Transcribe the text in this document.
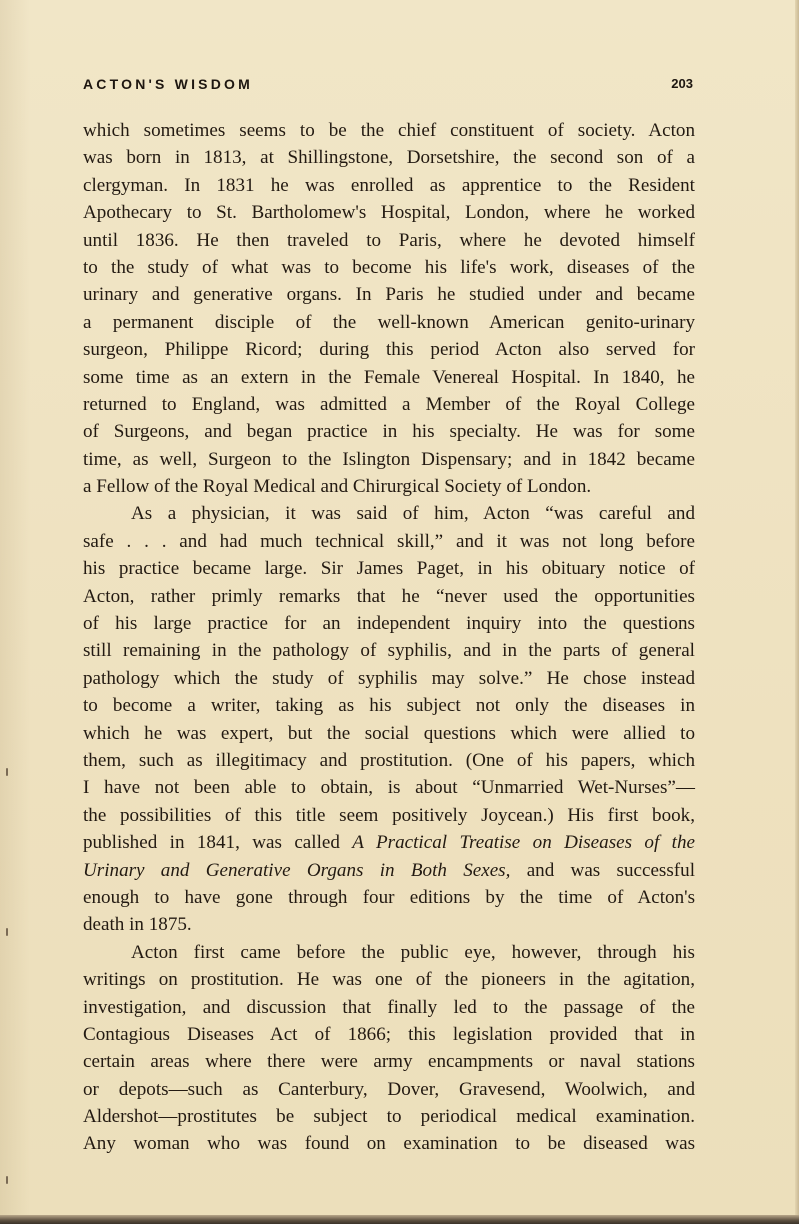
ACTON'S WISDOM	203
which sometimes seems to be the chief constituent of society. Acton
was born in 1813, at Shillingstone, Dorsetshire, the second son of a
clergyman. In 1831 he was enrolled as apprentice to the Resident
Apothecary to St. Bartholomew's Hospital, London, where he worked
until 1836. He then traveled to Paris, where he devoted himself
to the study of what was to become his life's work, diseases of the
urinary and generative organs. In Paris he studied under and became
a permanent disciple of the well-known American genito-urinary
surgeon, Philippe Ricord; during this period Acton also served for
some time as an extern in the Female Venereal Hospital. In 1840, he
returned to England, was admitted a Member of the Royal College
of Surgeons, and began practice in his specialty. He was for some
time, as well, Surgeon to the Islington Dispensary; and in 1842 became
a Fellow of the Royal Medical and Chirurgical Society of London.
As a physician, it was said of him, Acton “was careful and
safe . . . and had much technical skill,” and it was not long before
his practice became large. Sir James Paget, in his obituary notice of
Acton, rather primly remarks that he “never used the opportunities
of his large practice for an independent inquiry into the questions
still remaining in the pathology of syphilis, and in the parts of general
pathology which the study of syphilis may solve.” He chose instead
to become a writer, taking as his subject not only the diseases in
which he was expert, but the social questions which were allied to
them, such as illegitimacy and prostitution. (One of his papers, which
I have not been able to obtain, is about “Unmarried Wet-Nurses”—
the possibilities of this title seem positively Joycean.) His first book,
published in 1841, was called A Practical Treatise on Diseases of the
Urinary and Generative Organs in Both Sexes, and was successful
enough to have gone through four editions by the time of Acton's
death in 1875.
Acton first came before the public eye, however, through his
writings on prostitution. He was one of the pioneers in the agitation,
investigation, and discussion that finally led to the passage of the
Contagious Diseases Act of 1866; this legislation provided that in
certain areas where there were army encampments or naval stations
or depots—such as Canterbury, Dover, Gravesend, Woolwich, and
Aldershot—prostitutes be subject to periodical medical examination.
Any woman who was found on examination to be diseased was
